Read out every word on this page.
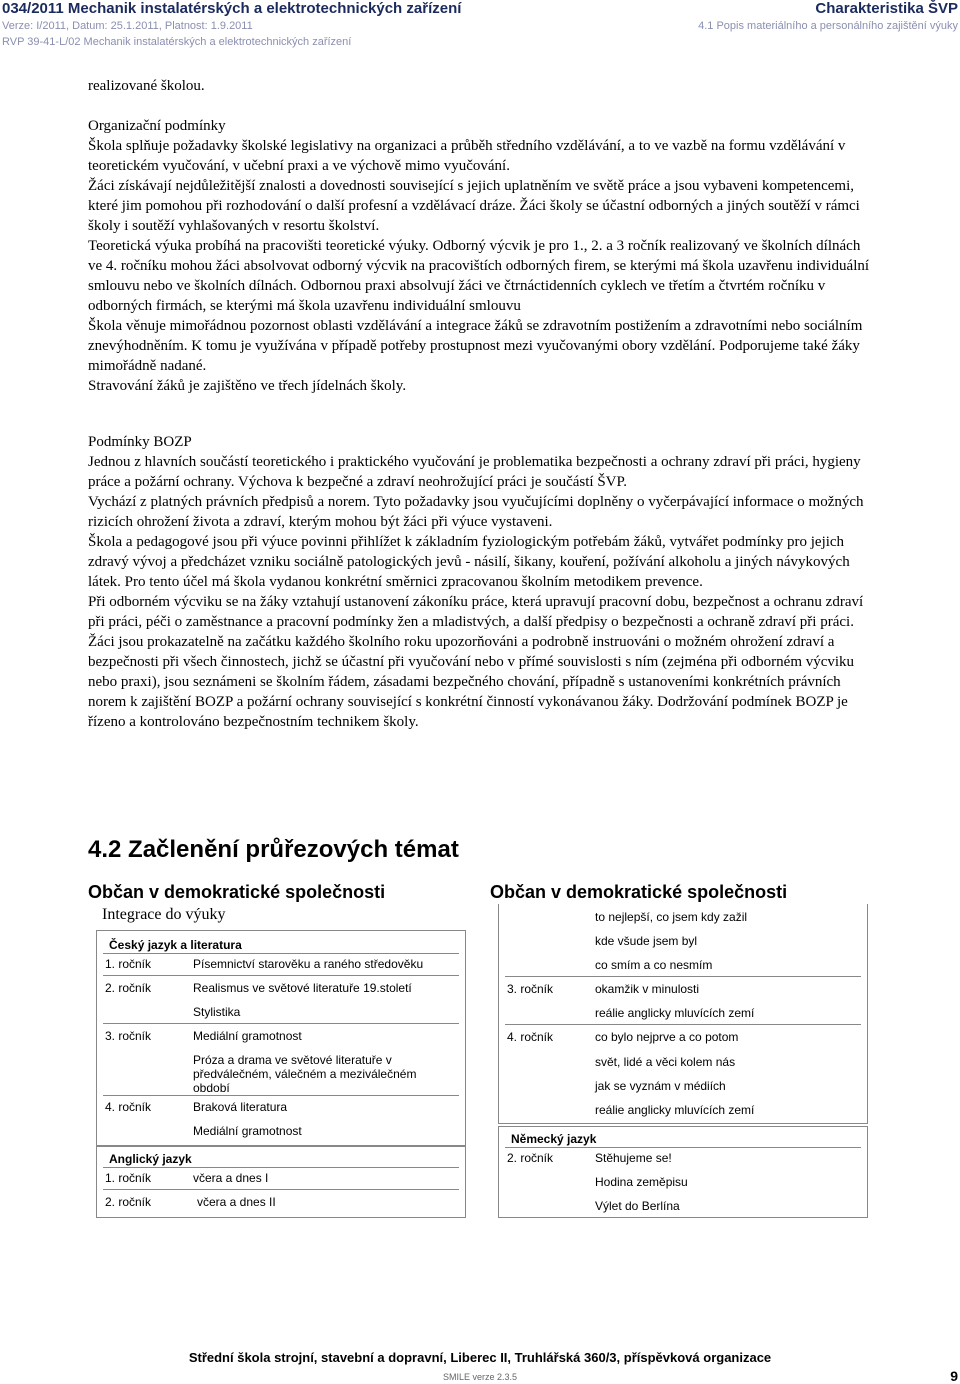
034/2011 Mechanik instalatérských a elektrotechnických zařízení
Verze: I/2011, Datum: 25.1.2011, Platnost: 1.9.2011
RVP 39-41-L/02 Mechanik instalatérských a elektrotechnických zařízení
Charakteristika ŠVP
4.1 Popis materiálního a personálního zajištění výuky

realizované školou.

Organizační podmínky

Škola splňuje požadavky školské legislativy na organizaci a průběh středního vzdělávání, a to ve vazbě na formu vzdělávání v teoretickém vyučování, v učební praxi a ve výchově mimo vyučování.

Žáci získávají nejdůležitější znalosti a dovednosti související s jejich uplatněním ve světě práce a jsou vybaveni kompetencemi, které jim pomohou při rozhodování o další profesní a vzdělávací dráze. Žáci školy se účastní odborných a jiných soutěží v rámci školy i soutěží vyhlašovaných v resortu školství.

Teoretická výuka probíhá na pracovišti teoretické výuky. Odborný výcvik je pro 1., 2. a 3 ročník realizovaný ve školních dílnách ve 4. ročníku mohou žáci absolvovat odborný výcvik na pracovištích odborných firem, se kterými má škola uzavřenu individuální smlouvu nebo ve školních dílnách. Odbornou praxi absolvují žáci ve čtrnáctidenních cyklech ve třetím a čtvrtém ročníku v odborných firmách, se kterými má škola uzavřenu individuální smlouvu

Škola věnuje mimořádnou pozornost oblasti vzdělávání a integrace žáků se zdravotním postižením a zdravotními nebo sociálním znevýhodněním. K tomu je využívána v případě potřeby prostupnost mezi vyučovanými obory vzdělání. Podporujeme také žáky mimořádně nadané.

Stravování žáků je zajištěno ve třech jídelnách školy.

Podmínky BOZP

Jednou z hlavních součástí teoretického i praktického vyučování je problematika bezpečnosti a ochrany zdraví při práci, hygieny práce a požární ochrany. Výchova k bezpečné a zdraví neohrožující práci je součástí ŠVP.

Vychází z platných právních předpisů a norem. Tyto požadavky jsou vyučujícími doplněny o vyčerpávající informace o možných rizicích ohrožení života a zdraví, kterým mohou být žáci při výuce vystaveni.

Škola a pedagogové jsou při výuce povinni přihlížet k základním fyziologickým potřebám žáků, vytvářet podmínky pro jejich zdravý vývoj a předcházet vzniku sociálně patologických jevů - násilí, šikany, kouření, požívání alkoholu a jiných návykových látek. Pro tento účel má škola vydanou konkrétní směrnici zpracovanou školním metodikem prevence.

Při odborném výcviku se na žáky vztahují ustanovení zákoníku práce, která upravují pracovní dobu, bezpečnost a ochranu zdraví při práci, péči o zaměstnance a pracovní podmínky žen a mladistvých, a další předpisy o bezpečnosti a ochraně zdraví při práci.

Žáci jsou prokazatelně na začátku každého školního roku upozorňováni a podrobně instruováni o možném ohrožení zdraví a bezpečnosti při všech činnostech, jichž se účastní při vyučování nebo v přímé souvislosti s ním (zejména při odborném výcviku nebo praxi), jsou seznámeni se školním řádem, zásadami bezpečného chování, případně s ustanoveními konkrétních právních norem k zajištění BOZP a požární ochrany související s konkrétní činností vykonávanou žáky. Dodržování podmínek BOZP je řízeno a kontrolováno bezpečnostním technikem školy.

4.2 Začlenění průřezových témat
Občan v demokratické společnosti
Integrace do výuky
Český jazyk a literatura
1. ročník	Písemnictví starověku a raného středověku
2. ročník	Realismus ve světové literatuře 19.století
Stylistika
3. ročník	Mediální gramotnost
Próza a drama ve světové literatuře v předválečném, válečném a meziválečném období
4. ročník	Braková literatura
Mediální gramotnost
Anglický jazyk
1. ročník	včera a dnes I
2. ročník	včera a dnes II
Občan v demokratické společnosti
to nejlepší, co jsem kdy zažil
kde všude jsem byl
co smím a co nesmím
3. ročník	okamžik v minulosti
reálie anglicky mluvících zemí
4. ročník	co bylo nejprve a co potom
svět, lidé a věci kolem nás
jak se vyznám v médiích
reálie anglicky mluvících zemí
Německý jazyk
2. ročník	Stěhujeme se!
Hodina zeměpisu
Výlet do Berlína
Střední škola strojní, stavební a dopravní, Liberec II, Truhlářská 360/3, příspěvková organizace
SMILE verze 2.3.5	9
